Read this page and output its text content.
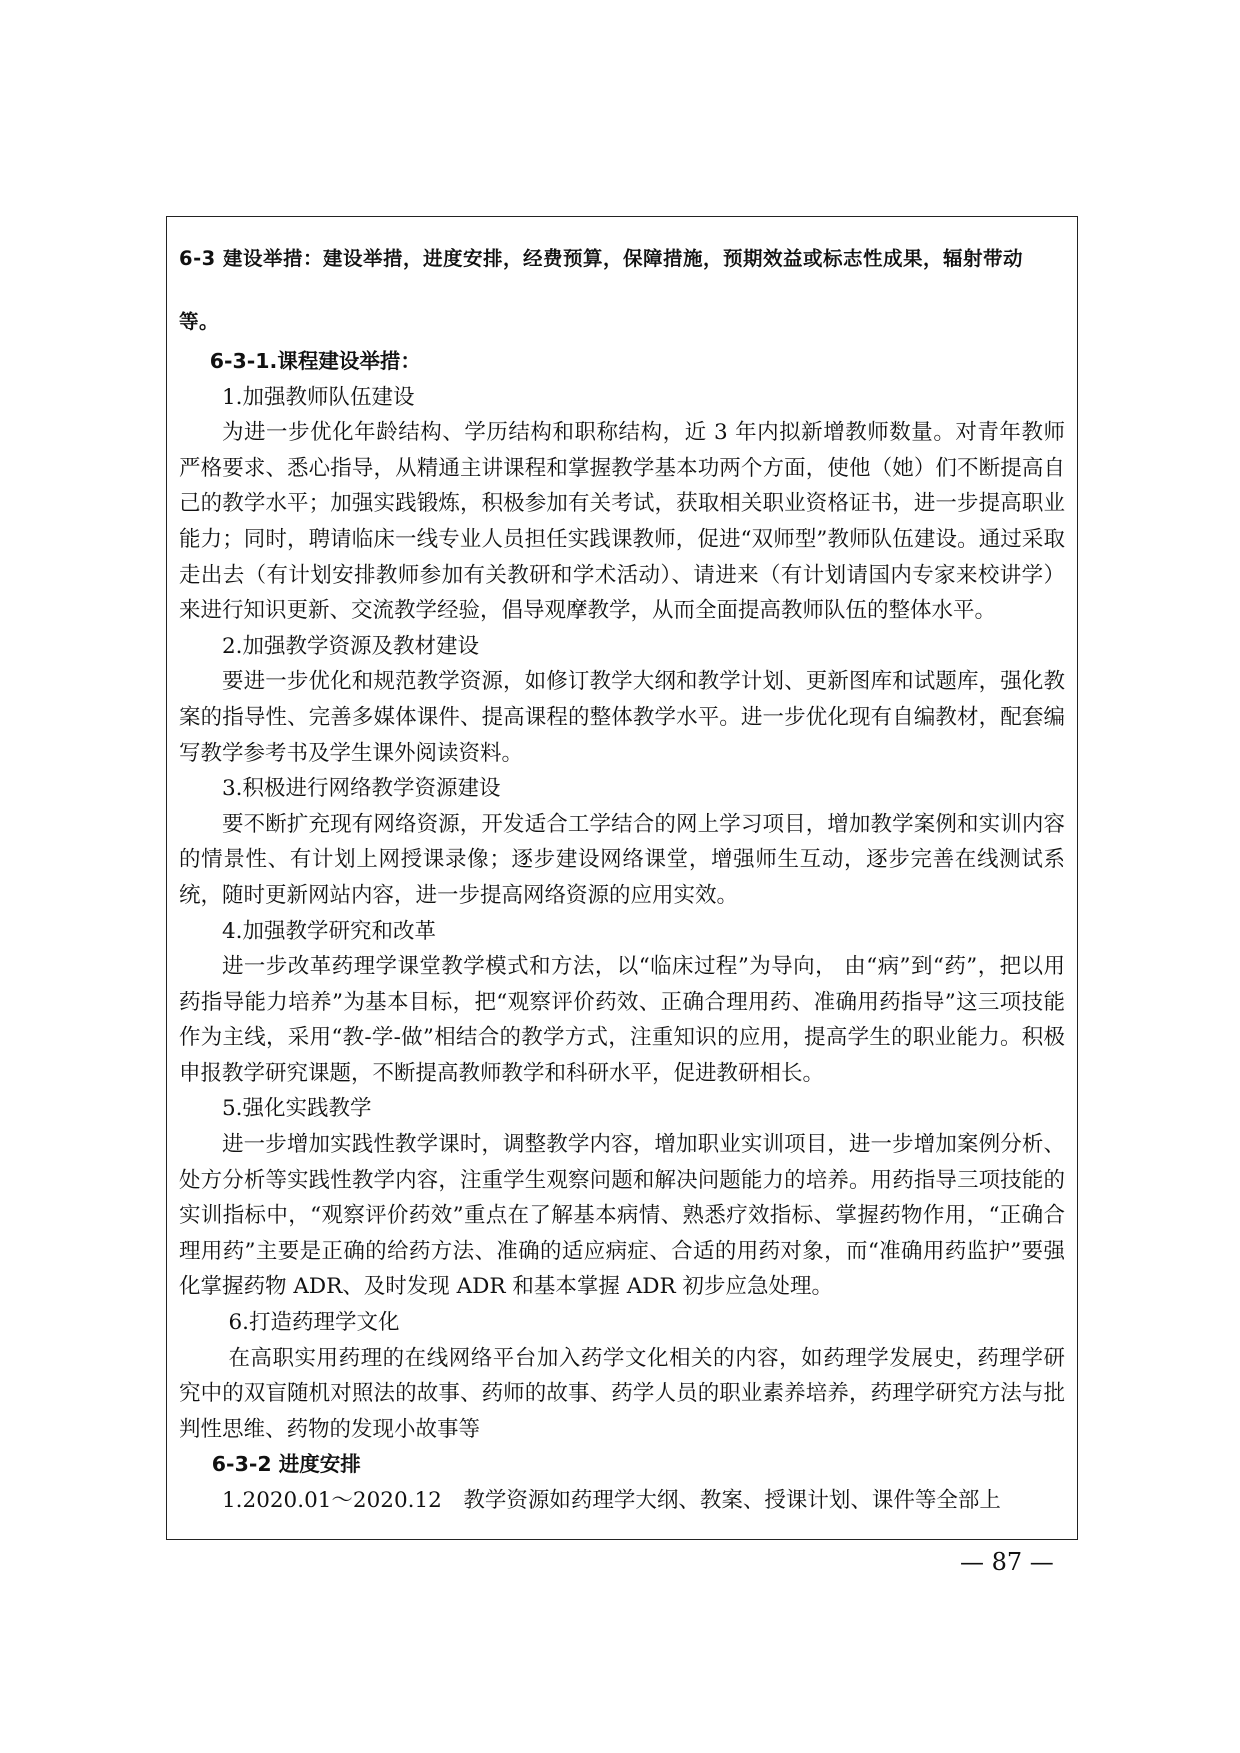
6-3 建设举措：建设举措，进度安排，经费预算，保障措施，预期效益或标志性成果，辐射带动
等。

6-3-1.课程建设举措：

1.加强教师队伍建设

为进一步优化年龄结构、学历结构和职称结构，近 3 年内拟新增教师数量。对青年教师严格要求、悉心指导，从精通主讲课程和掌握教学基本功两个方面，使他（她）们不断提高自己的教学水平；加强实践锻炼，积极参加有关考试，获取相关职业资格证书，进一步提高职业能力；同时，聘请临床一线专业人员担任实践课教师，促进“双师型”教师队伍建设。通过采取走出去（有计划安排教师参加有关教研和学术活动）、请进来（有计划请国内专家来校讲学）来进行知识更新、交流教学经验，倡导观摩教学，从而全面提高教师队伍的整体水平。

2.加强教学资源及教材建设

要进一步优化和规范教学资源，如修订教学大纲和教学计划、更新图库和试题库，强化教案的指导性、完善多媒体课件、提高课程的整体教学水平。进一步优化现有自编教材，配套编写教学参考书及学生课外阅读资料。

3.积极进行网络教学资源建设

要不断扩充现有网络资源，开发适合工学结合的网上学习项目，增加教学案例和实训内容的情景性、有计划上网授课录像；逐步建设网络课堂，增强师生互动，逐步完善在线测试系统，随时更新网站内容，进一步提高网络资源的应用实效。

4.加强教学研究和改革

进一步改革药理学课堂教学模式和方法，以“临床过程”为导向， 由“病”到“药”，把以用药指导能力培养”为基本目标，把“观察评价药效、正确合理用药、准确用药指导”这三项技能作为主线，采用“教-学-做”相结合的教学方式，注重知识的应用，提高学生的职业能力。积极申报教学研究课题，不断提高教师教学和科研水平，促进教研相长。

5.强化实践教学

进一步增加实践性教学课时，调整教学内容，增加职业实训项目，进一步增加案例分析、处方分析等实践性教学内容，注重学生观察问题和解决问题能力的培养。用药指导三项技能的实训指标中，“观察评价药效”重点在了解基本病情、熟悉疗效指标、掌握药物作用，“正确合理用药”主要是正确的给药方法、准确的适应病症、合适的用药对象，而“准确用药监护”要强化掌握药物 ADR、及时发现 ADR 和基本掌握 ADR 初步应急处理。

6.打造药理学文化

在高职实用药理的在线网络平台加入药学文化相关的内容，如药理学发展史，药理学研究中的双盲随机对照法的故事、药师的故事、药学人员的职业素养培养，药理学研究方法与批判性思维、药物的发现小故事等

6-3-2 进度安排

1.2020.01～2020.12　教学资源如药理学大纲、教案、授课计划、课件等全部上

— 87 —
